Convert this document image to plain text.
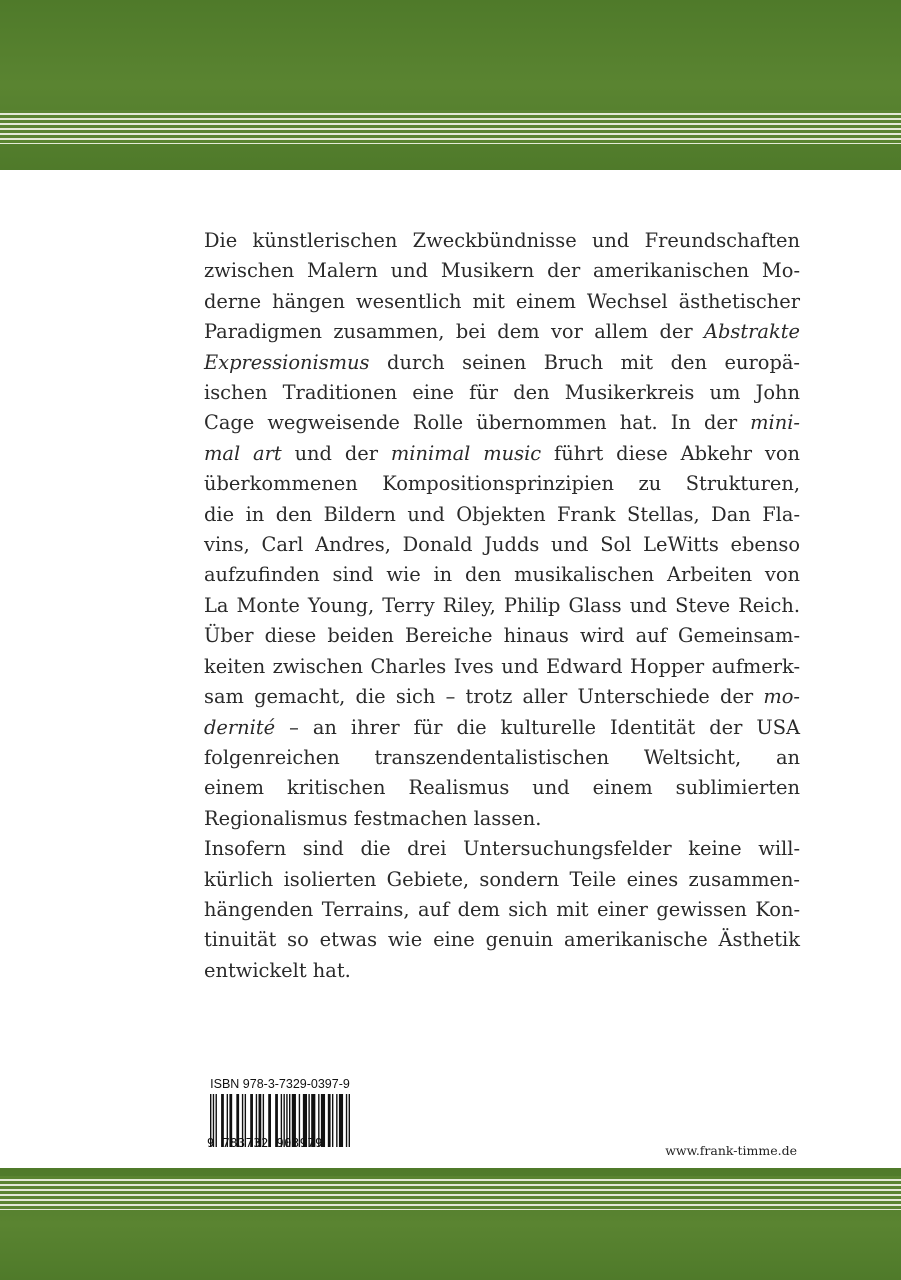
Die künstlerischen Zweckbündnisse und Freundschaften
zwischen Malern und Musikern der amerikanischen Mo-
derne hängen wesentlich mit einem Wechsel ästhetischer
Paradigmen zusammen, bei dem vor allem der Abstrakte
Expressionismus durch seinen Bruch mit den europä-
ischen Traditionen eine für den Musikerkreis um John
Cage wegweisende Rolle übernommen hat. In der mini-
mal art und der minimal music führt diese Abkehr von
überkommenen Kompositionsprinzipien zu Strukturen,
die in den Bildern und Objekten Frank Stellas, Dan Fla-
vins, Carl Andres, Donald Judds und Sol LeWitts ebenso
aufzufinden sind wie in den musikalischen Arbeiten von
La Monte Young, Terry Riley, Philip Glass und Steve Reich.
Über diese beiden Bereiche hinaus wird auf Gemeinsam-
keiten zwischen Charles Ives und Edward Hopper aufmerk-
sam gemacht, die sich – trotz aller Unterschiede der mo-
dernité – an ihrer für die kulturelle Identität der USA
folgenreichen transzendentalistischen Weltsicht, an
einem kritischen Realismus und einem sublimierten
Regionalismus festmachen lassen.
Insofern sind die drei Untersuchungsfelder keine will-
kürlich isolierten Gebiete, sondern Teile eines zusammen-
hängenden Terrains, auf dem sich mit einer gewissen Kon-
tinuität so etwas wie eine genuin amerikanische Ästhetik
entwickelt hat.
ISBN 978-3-7329-0397-9
9 783732 903979	www.frank-timme.de
